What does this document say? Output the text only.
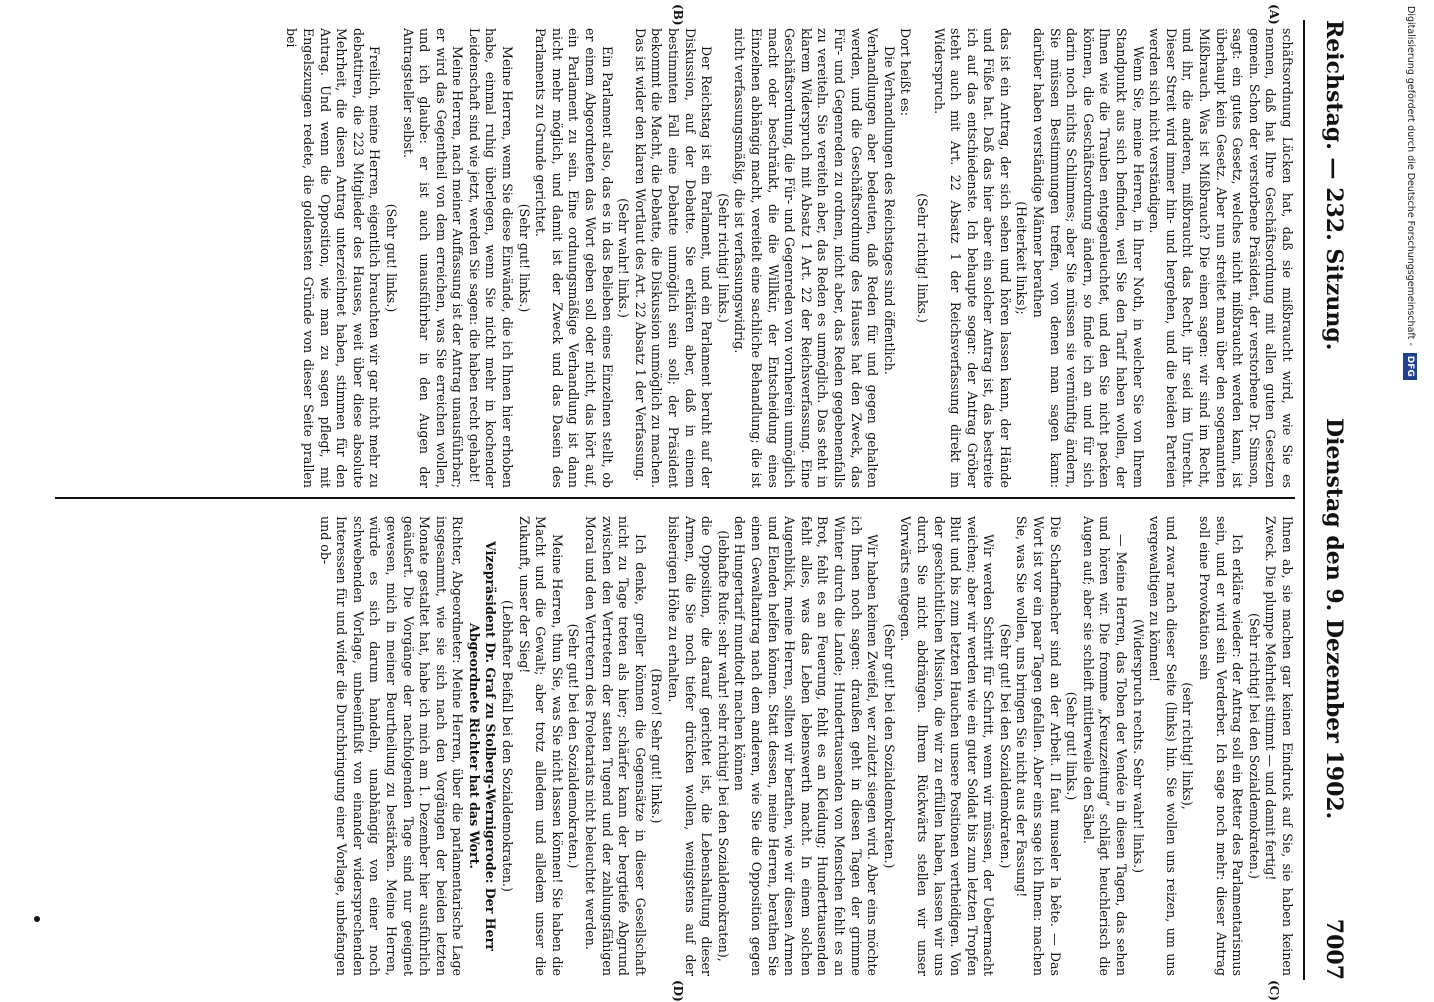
Reichstag. — 232. Sitzung. Dienstag den 9. Dezember 1902.
7007
(A)
(B)
(C)
(D)

schäftsordnung Lücken hat, daß sie mißbraucht wird, wie Sie es nennen, daß hat Ihre Geschäftsordnung mit allen guten Gesetzen gemein. Schon der verstorbene Präsident, der verstorbene Dr. Simson, sagt: ein gutes Gesetz, welches nicht mißbraucht werden kann, ist überhaupt kein Gesetz. Aber nun streitet man über den sogenannten Mißbrauch. Was ist Mißbrauch? Die einen sagen: wir sind im Recht, und ihr, die anderen, mißbraucht das Recht, ihr seid im Unrecht. Dieser Streit wird immer hin- und hergehen, und die beiden Parteien werden sich nicht verständigen.

Wenn Sie, meine Herren, in Ihrer Noth, in welcher Sie von Ihrem Standpunkt aus sich befinden, weil Sie den Tarif haben wollen, der Ihnen wie die Trauben entgegenleuchtet, und den Sie nicht packen können, die Geschäftsordnung ändern, so finde ich an und für sich darin noch nichts Schlimmes; aber Sie müssen sie vernünftig ändern, Sie müssen Bestimmungen treffen, von denen man sagen kann: darüber haben verständige Männer berathen

(Heiterkeit links);

das ist ein Antrag, der sich sehen und hören lassen kann, der Hände und Füße hat. Daß das hier aber ein solcher Antrag ist, das bestreite ich auf das entschiedenste. Ich behaupte sogar: der Antrag Gröber steht auch mit Art. 22 Absatz 1 der Reichsverfassung direkt im Widerspruch.

(Sehr richtig! links.)

Dort heißt es:

Die Verhandlungen des Reichstages sind öffentlich.

Verhandlungen aber bedeuten, daß Reden für und gegen gehalten werden, und die Geschäftsordnung des Hauses hat den Zweck, das Für- und Gegenreden zu ordnen, nicht aber, das Reden gegebenenfalls zu vereiteln. Sie vereiteln aber, das Reden es unmöglich. Das steht in klarem Widerspruch mit Absatz 1 Art. 22 der Reichsverfassung. Eine Geschäftsordnung, die Für- und Gegenreden von vornherein unmöglich macht oder beschränkt, die die Willkür, der Entscheidung eines Einzelnen abhängig macht, vereitelt eine sachliche Behandlung; die ist nicht verfassungsmäßig, die ist verfassungswidrig.

(Sehr richtig! links.)

Der Reichstag ist ein Parlament, und ein Parlament beruht auf der Diskussion, auf der Debatte. Sie erklären aber, daß in einem bestimmten Fall eine Debatte unmöglich sein soll; der Präsident bekommt die Macht, die Debatte, die Diskussion unmöglich zu machen. Das ist wider den klaren Wortlaut des Art. 22 Absatz 1 der Verfassung.

(Sehr wahr! links.)

Ein Parlament also, das es in das Belieben eines Einzelnen stellt, ob er einem Abgeordneten das Wort geben soll oder nicht, das hört auf, ein Parlament zu sein. Eine ordnungsmäßige Verhandlung ist dann nicht mehr möglich, und damit ist der Zweck und das Dasein des Parlaments zu Grunde gerichtet.

(Sehr gut! links.)

Meine Herren, wenn Sie diese Einwände, die ich Ihnen hier erhoben habe, einmal ruhig überlegen, wenn Sie nicht mehr in kochender Leidenschaft sind wie jetzt, werden Sie sagen: die haben recht gehabt!

Meine Herren, nach meiner Auffassung ist der Antrag unausführbar; er wird das Gegentheil von dem erreichen, was Sie erreichen wollen, und ich glaube: er ist auch unausführbar in den Augen der Antragsteller selbst.

(Sehr gut! links.)

Freilich, meine Herren, eigentlich brauchten wir gar nicht mehr zu debattiren, die 223 Mitglieder des Hauses, weit über diese absolute Mehrheit, die diesen Antrag unterzeichnet haben, stimmen für den Antrag. Und wenn die Opposition, wie man zu sagen pflegt, mit Engelszungen redete, die goldensten Gründe von dieser Seite prallen bei

Ihnen ab, sie machen gar keinen Eindruck auf Sie, sie haben keinen Zweck. Die plumpe Mehrheit stimmt — und damit fertig!

(Sehr richtig! bei den Sozialdemokraten.)

Ich erkläre wieder: der Antrag soll ein Retter des Parlamentarismus sein, und er wird sein Verderber. Ich sage noch mehr: dieser Antrag soll eine Provokation sein

(sehr richtig! links),

und zwar nach dieser Seite (links) hin. Sie wollen uns reizen, um uns vergewaltigen zu können!

(Widerspruch rechts. Sehr wahr! links.)

— Meine Herren, das Toben der Vendée in diesen Tagen, das sehen und hören wir. Die fromme „Kreuzzeitung“ schlägt heuchlerisch die Augen auf; aber sie schleift mittlerweile den Säbel.

(Sehr gut! links.)

Die Scharfmacher sind an der Arbeit. Il faut museler la bête. — Das Wort ist vor ein paar Tagen gefallen. Aber eins sage ich Ihnen: machen Sie, was Sie wollen, uns bringen Sie nicht aus der Fassung!

(Sehr gut! bei den Sozialdemokraten.)

Wir werden Schritt für Schritt, wenn wir müssen, der Uebermacht weichen; aber wir werden wie ein guter Soldat bis zum letzten Tropfen Blut und bis zum letzten Hauchen unsere Positionen vertheidigen. Von der geschichtlichen Mission, die wir zu erfüllen haben, lassen wir uns durch Sie nicht abdrängen. Ihrem Rückwärts stellen wir unser Vorwärts entgegen.

(Sehr gut! bei den Sozialdemokraten.)

Wir haben keinen Zweifel, wer zuletzt siegen wird. Aber eins möchte ich Ihnen noch sagen: draußen geht in diesen Tagen der grimme Winter durch die Lande; Hunderttausenden von Menschen fehlt es an Brot, fehlt es an Feuerung, fehlt es an Kleidung; Hunderttausenden fehlt alles, was das Leben lebenswerth macht. In einem solchen Augenblick, meine Herren, sollten wir berathen, wie wir diesen Armen und Elenden helfen können. Statt dessen, meine Herren, berathen Sie einen Gewaltantrag nach dem anderen, wie Sie die Opposition gegen den Hungertarif mundtodt machen können

(lebhafte Rufe: sehr wahr! sehr richtig! bei den Sozialdemokraten),

die Opposition, die darauf gerichtet ist, die Lebenshaltung dieser Armen, die Sie noch tiefer drücken wollen, wenigstens auf der bisherigen Höhe zu erhalten.

(Bravo! Sehr gut! links.)

Ich denke, greller können die Gegensätze in dieser Gesellschaft nicht zu Tage treten als hier; schärfer kann der bergtiefe Abgrund zwischen den Vertretern der satten Tugend und der zahlungsfähigen Moral und den Vertretern des Proletariats nicht beleuchtet werden.

(Sehr gut! bei den Sozialdemokraten.)

Meine Herren, thun Sie, was Sie nicht lassen können! Sie haben die Macht und die Gewalt; aber trotz alledem und alledem unser die Zukunft, unser der Sieg!

(Lebhafter Beifall bei den Sozialdemokraten.)

Vizepräsident Dr. Graf zu Stolberg-Wernigerode: Der Herr Abgeordnete Richter hat das Wort.

Richter, Abgeordneter: Meine Herren, über die parlamentarische Lage insgesammt, wie sie sich nach den Vorgängen der beiden letzten Monate gestaltet hat, habe ich mich am 1. Dezember hier ausführlich geäußert. Die Vorgänge der nachfolgenden Tage sind nur geeignet gewesen, mich in meiner Beurtheilung zu bestärken. Meine Herren, würde es sich darum handeln, unabhängig von einer noch schwebenden Vorlage, unbeeinflußt von einander widersprechenden Interessen für und wider die Durchbringung einer Vorlage, unbefangen und ob-

Digitalisierung gefördert durch die Deutsche Forschungsgemeinschaft - DFG
